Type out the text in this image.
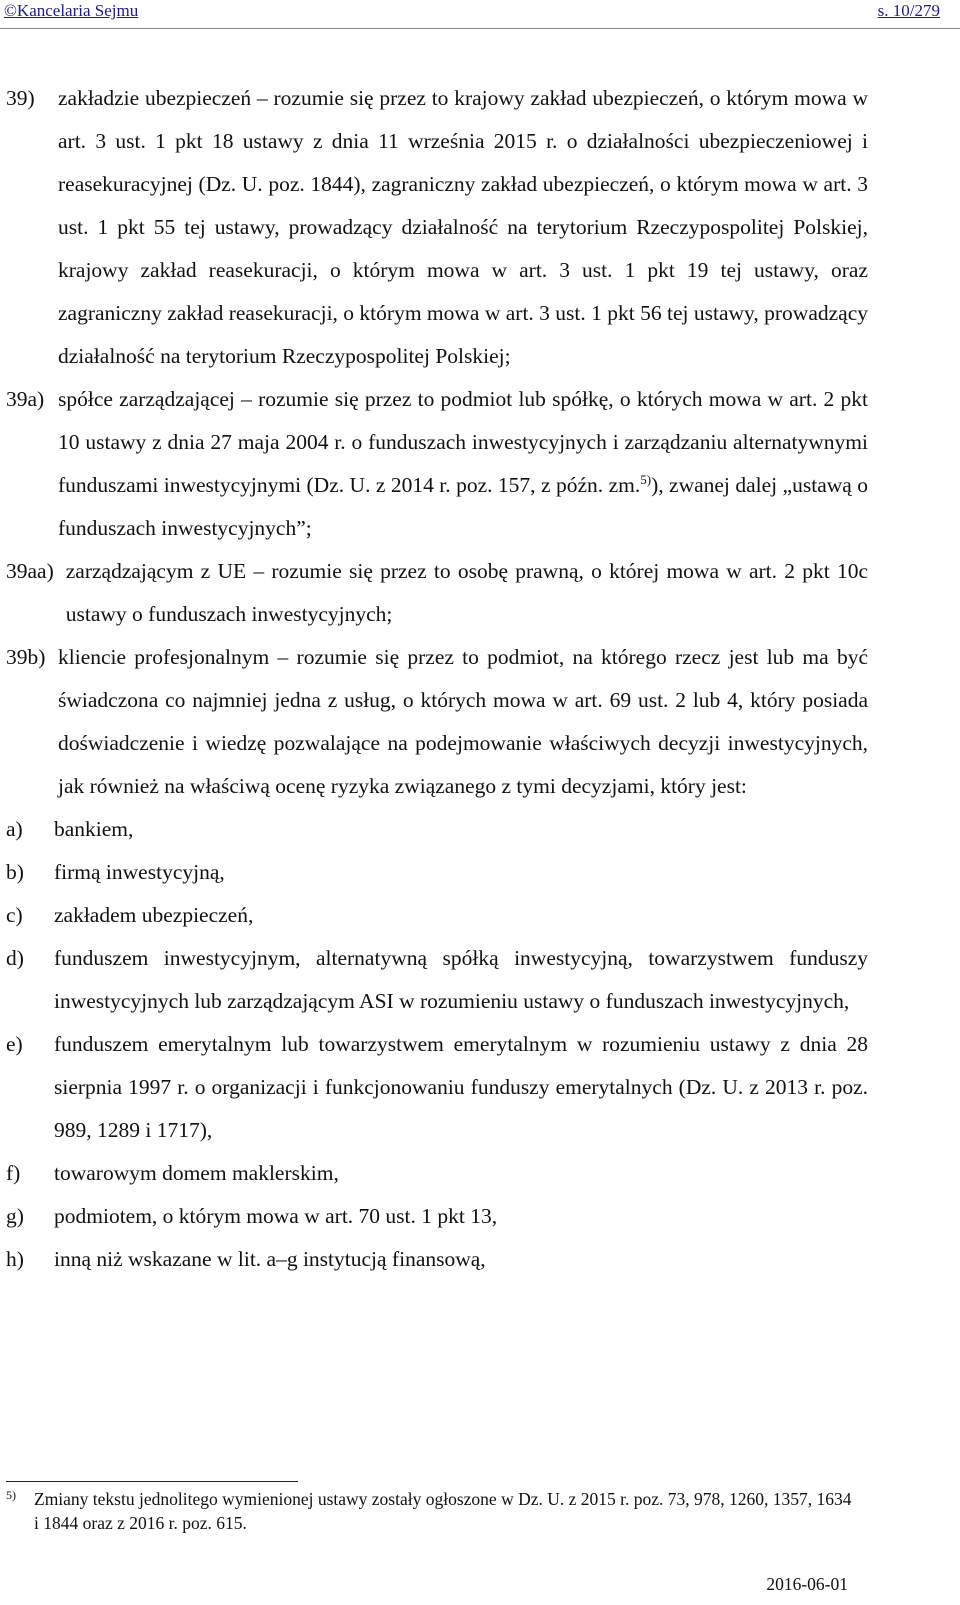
©Kancelaria Sejmu	s. 10/279
39)	zakładzie ubezpieczeń – rozumie się przez to krajowy zakład ubezpieczeń, o którym mowa w art. 3 ust. 1 pkt 18 ustawy z dnia 11 września 2015 r. o działalności ubezpieczeniowej i reasekuracyjnej (Dz. U. poz. 1844), zagraniczny zakład ubezpieczeń, o którym mowa w art. 3 ust. 1 pkt 55 tej ustawy, prowadzący działalność na terytorium Rzeczypospolitej Polskiej, krajowy zakład reasekuracji, o którym mowa w art. 3 ust. 1 pkt 19 tej ustawy, oraz zagraniczny zakład reasekuracji, o którym mowa w art. 3 ust. 1 pkt 56 tej ustawy, prowadzący działalność na terytorium Rzeczypospolitej Polskiej;
39a) spółce zarządzającej – rozumie się przez to podmiot lub spółkę, o których mowa w art. 2 pkt 10 ustawy z dnia 27 maja 2004 r. o funduszach inwestycyjnych i zarządzaniu alternatywnymi funduszami inwestycyjnymi (Dz. U. z 2014 r. poz. 157, z późn. zm.$^{5)}$), zwanej dalej „ustawą o funduszach inwestycyjnych”;
39aa) zarządzającym z UE – rozumie się przez to osobę prawną, o której mowa w art. 2 pkt 10c ustawy o funduszach inwestycyjnych;
39b) kliencie profesjonalnym – rozumie się przez to podmiot, na którego rzecz jest lub ma być świadczona co najmniej jedna z usług, o których mowa w art. 69 ust. 2 lub 4, który posiada doświadczenie i wiedzę pozwalające na podejmowanie właściwych decyzji inwestycyjnych, jak również na właściwą ocenę ryzyka związanego z tymi decyzjami, który jest:
a)	bankiem,
b)	firmą inwestycyjną,
c)	zakładem ubezpieczeń,
d)	funduszem inwestycyjnym, alternatywną spółką inwestycyjną, towarzystwem funduszy inwestycyjnych lub zarządzającym ASI w rozumieniu ustawy o funduszach inwestycyjnych,
e)	funduszem emerytalnym lub towarzystwem emerytalnym w rozumieniu ustawy z dnia 28 sierpnia 1997 r. o organizacji i funkcjonowaniu funduszy emerytalnych (Dz. U. z 2013 r. poz. 989, 1289 i 1717),
f)	towarowym domem maklerskim,
g)	podmiotem, o którym mowa w art. 70 ust. 1 pkt 13,
h)	inną niż wskazane w lit. a–g instytucją finansową,
5)	Zmiany tekstu jednolitego wymienionej ustawy zostały ogłoszone w Dz. U. z 2015 r. poz. 73, 978, 1260, 1357, 1634 i 1844 oraz z 2016 r. poz. 615.
2016-06-01
